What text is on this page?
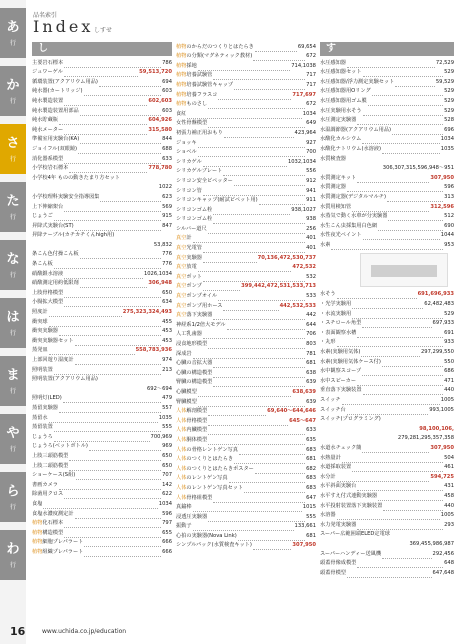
あ
行
か
行
さ
行
た
行
な
行
は
行
ま
行
や
行
ら
行
わ
行
品名索引
Index しすせ
し
主要岩石標本	786
ジュワーゲル	59,513,720
循環装置(アクアリウム用品)	694
純水器(カートリッジ)	603
純水製造装置	602,603
純水製造装置用部品	603
純水貯蔵瓶	604,926
純水メーター	315,580
準備室用実験台(KA)	844
ジョイフル(双眼鏡)	688
消化器系模型	633
小学校岩石標本	778,780
小学校4年 ものの動きたまり方セット
1022
小学校理科実験安全指導図集	623
上下伸縮架台	569
じょうご	915
昇降式実験台(ST)	847
昇降テーブル(カチカチくんhigh用)
53,832
条こん色付操こん板	776
条こん板	776
硝酸銀水溶液	1026,1034
硝酸測定用約低限剤	306,948
上肢骨格模型	650
小腸拡大模型	634
照度計	275,323,324,493
衝突球	455
衝突実験器	453
衝突実験器セット	453
蒸発皿	558,783,936
上部回遊り湿度計	974
照明装置	213
照明装置(アクアリウム用品)
692〜694
照明灯(LED)	479
蒸留実験器	557
蒸留水	1035
蒸留装置	555
じょうろ	700,969
じょうろ(ベットボトル)	969
上肢三頭筋模型	650
上肢二頭筋模型	650
ショーケース(S組)	707
書画カメラ	142
除菌用クロス	622
食塩	1034
食塩水濃度測定計	596
植物化石標本	797
植物構造模型	655
植物細胞プレパラート	666
植物組織プレパラート	666
植物のからだのつくりとはたらき	69,654
植物の分類(マグネティック教材)	672
植物採地	714,1038
植物培養試験管	717
植物培養試験管キャップ	717
植物培養フラスコ	717,697
植物ものさし	672
食紅	1034
女性骨盤模型	649
初張力補正用おもり	423,964
ジョッキ	927
ショベル	700
シリカゲル	1032,1034
シリカゲルブレート	556
シリコン安全ピペッター	912
シリコン管	941
シリコンキャップ(耐試ピペット用)	911
シリコンゴム栓	938,1027
シリコンゴム栓	938
シルバー道尺	256
真空計	401
真空光電管	401
真空実験器	70,136,472,530,737
真空放電	472,532
真空ポット	532
真空ポンプ	399,442,472,531,533,713
真空ポンプオイル	533
真空ポンプ用ホース	442,532,533
真空落下実験器	442
神経系1/2倍大モデル	644
人工乳歯器	706
浸食地形模型	803
深成岩	781
心臓の音拡大器	681
心臓の構造模型	638
腎臓の構造模型	639
心臓模型	638,639
腎臓模型	639
人体解剖模型	69,640〜644,646
人体骨格模型	645〜647
人体内臓模型	633
人体胴体模型	635
人体の骨格レントゲン写真	683
人体のつくりとはたらき	681
人体のつくりとはたらきポスター	682
人体のレントゲン写真	683
人体のレントゲン写真セット	683
人体骨格組模型	647
真鍮棒	1015
浸透圧実験器	555
振動子	133,661
心拍の実験器(Nova Link)	681
シンプルパック(水質検査キット)	307,950
す
水圧感知器	72,529
水圧感知器セット	529
水圧感知器/浮力測定実験セット	59,529
水圧感知器用Oリング	529
水圧感知器用ゴム膜	529
水圧実験用水そう	529
水圧測定実験器	528
水温調節器(アクアリウム用品)	696
水酸化カルシウム	1034
水酸化ナトリウム(水溶液)	1035
水質検査器
306,307,315,596,948〜951
水質測定キット	307,950
水質測定器	596
水質測定器(デジタルマルチ)	313
水質用検知管	312,596
水蒸気で動く水車が分実験器	512
水生こん虫採集用白色網	690
水性夜光ペイント	1044
水素	953
水そう	691,696,933
・光学実験用	62,482,483
・水流実験用	529
・スチロール角型	697,933
・表面観察水槽	691
・丸形	933
水素(実験用気体)	297,299,550
水素(実験用気体ケース付)	550
水中観察スコープ	686
水中スピーカー	471
垂直落下実験装置	440
スイッチ	1005
スイッチ台	993,1005
スイッチ(プログラミング)
98,100,106,
279,281,295,357,358
水道水チェック簡	307,950
水熱量計	504
水道採取装置	461
水分計	594,725
水平斜面実験台	431
水平すえ付式連動実験器	458
水平投射装置落下実験装置	440
水溶器	1005
水力発電実験器	293
スーパー広範囲端ELED定電球
369,455,986,987
スーパーハンディー送風機	292,456
頭蓋骨像成模型	648
頭蓋骨模型	647,648
16	www.uchida.co.jp/education
